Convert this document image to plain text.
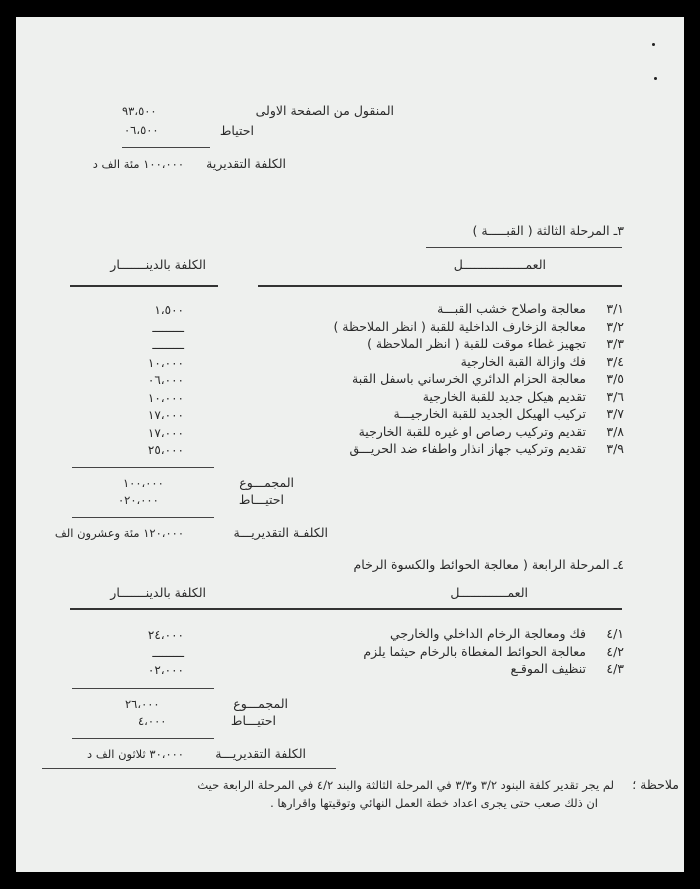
المنقول من الصفحة الاولى
٩٣،٥٠٠
احتياط
٠٦،٥٠٠
الكلفة التقديرية
١٠٠،٠٠٠ مئة الف د
٣ـ المرحلة الثالثة ( القبـــــة )
العمـــــــــــــــــل
الكلفة بالدينـــــــار
٣/١
معالجة واصلاح خشب القبـــة
١،٥٠٠
٣/٢
معالجة الزخارف الداخلية للقبة ( انظر الملاحظة )
ـــــــــ
٣/٣
تجهيز غطاء موقت للقبة ( انظر الملاحظة )
ـــــــــ
٣/٤
فك وازالة القبة الخارجية
١٠،٠٠٠
٣/٥
معالجة الحزام الدائري الخرساني باسفل القبة
٠٦،٠٠٠
٣/٦
تقديم هيكل جديد للقبة الخارجية
١٠،٠٠٠
٣/٧
تركيب الهيكل الجديد للقبة الخارجيـــة
١٧،٠٠٠
٣/٨
تقديم وتركيب رصاص او غيره للقبة الخارجية
١٧،٠٠٠
٣/٩
تقديم وتركيب جهاز انذار واطفاء ضد الحريـــق
٢٥،٠٠٠
المجمـــوع
١٠٠،٠٠٠
احتيـــاط
٠٢٠،٠٠٠
الكلفـة التقديريـــة
١٢٠،٠٠٠ مئة وعشرون الف
٤ـ المرحلة الرابعة ( معالجة الحوائط والكسوة الرخام
العمـــــــــــــل
الكلفة بالدينـــــــار
٤/١
فك ومعالجة الرخام الداخلي والخارجي
٢٤،٠٠٠
٤/٢
معالجة الحوائط المغطاة بالرخام حيثما يلزم
ـــــــــ
٤/٣
تنظيف الموقـع
٠٢،٠٠٠
المجمـــوع
٢٦،٠٠٠
احتيـــاط
٤،٠٠٠
الكلفة التقديريـــة
٣٠،٠٠٠ ثلاثون الف د
ملاحظة ؛
لم يجر تقدير كلفة البنود ٣/٢ و٣/٣ في المرحلة الثالثة والبند ٤/٢ في المرحلة الرابعة حيث
ان ذلك صعب حتى يجرى اعداد خطة العمل النهائي وتوقيتها واقرارها .
